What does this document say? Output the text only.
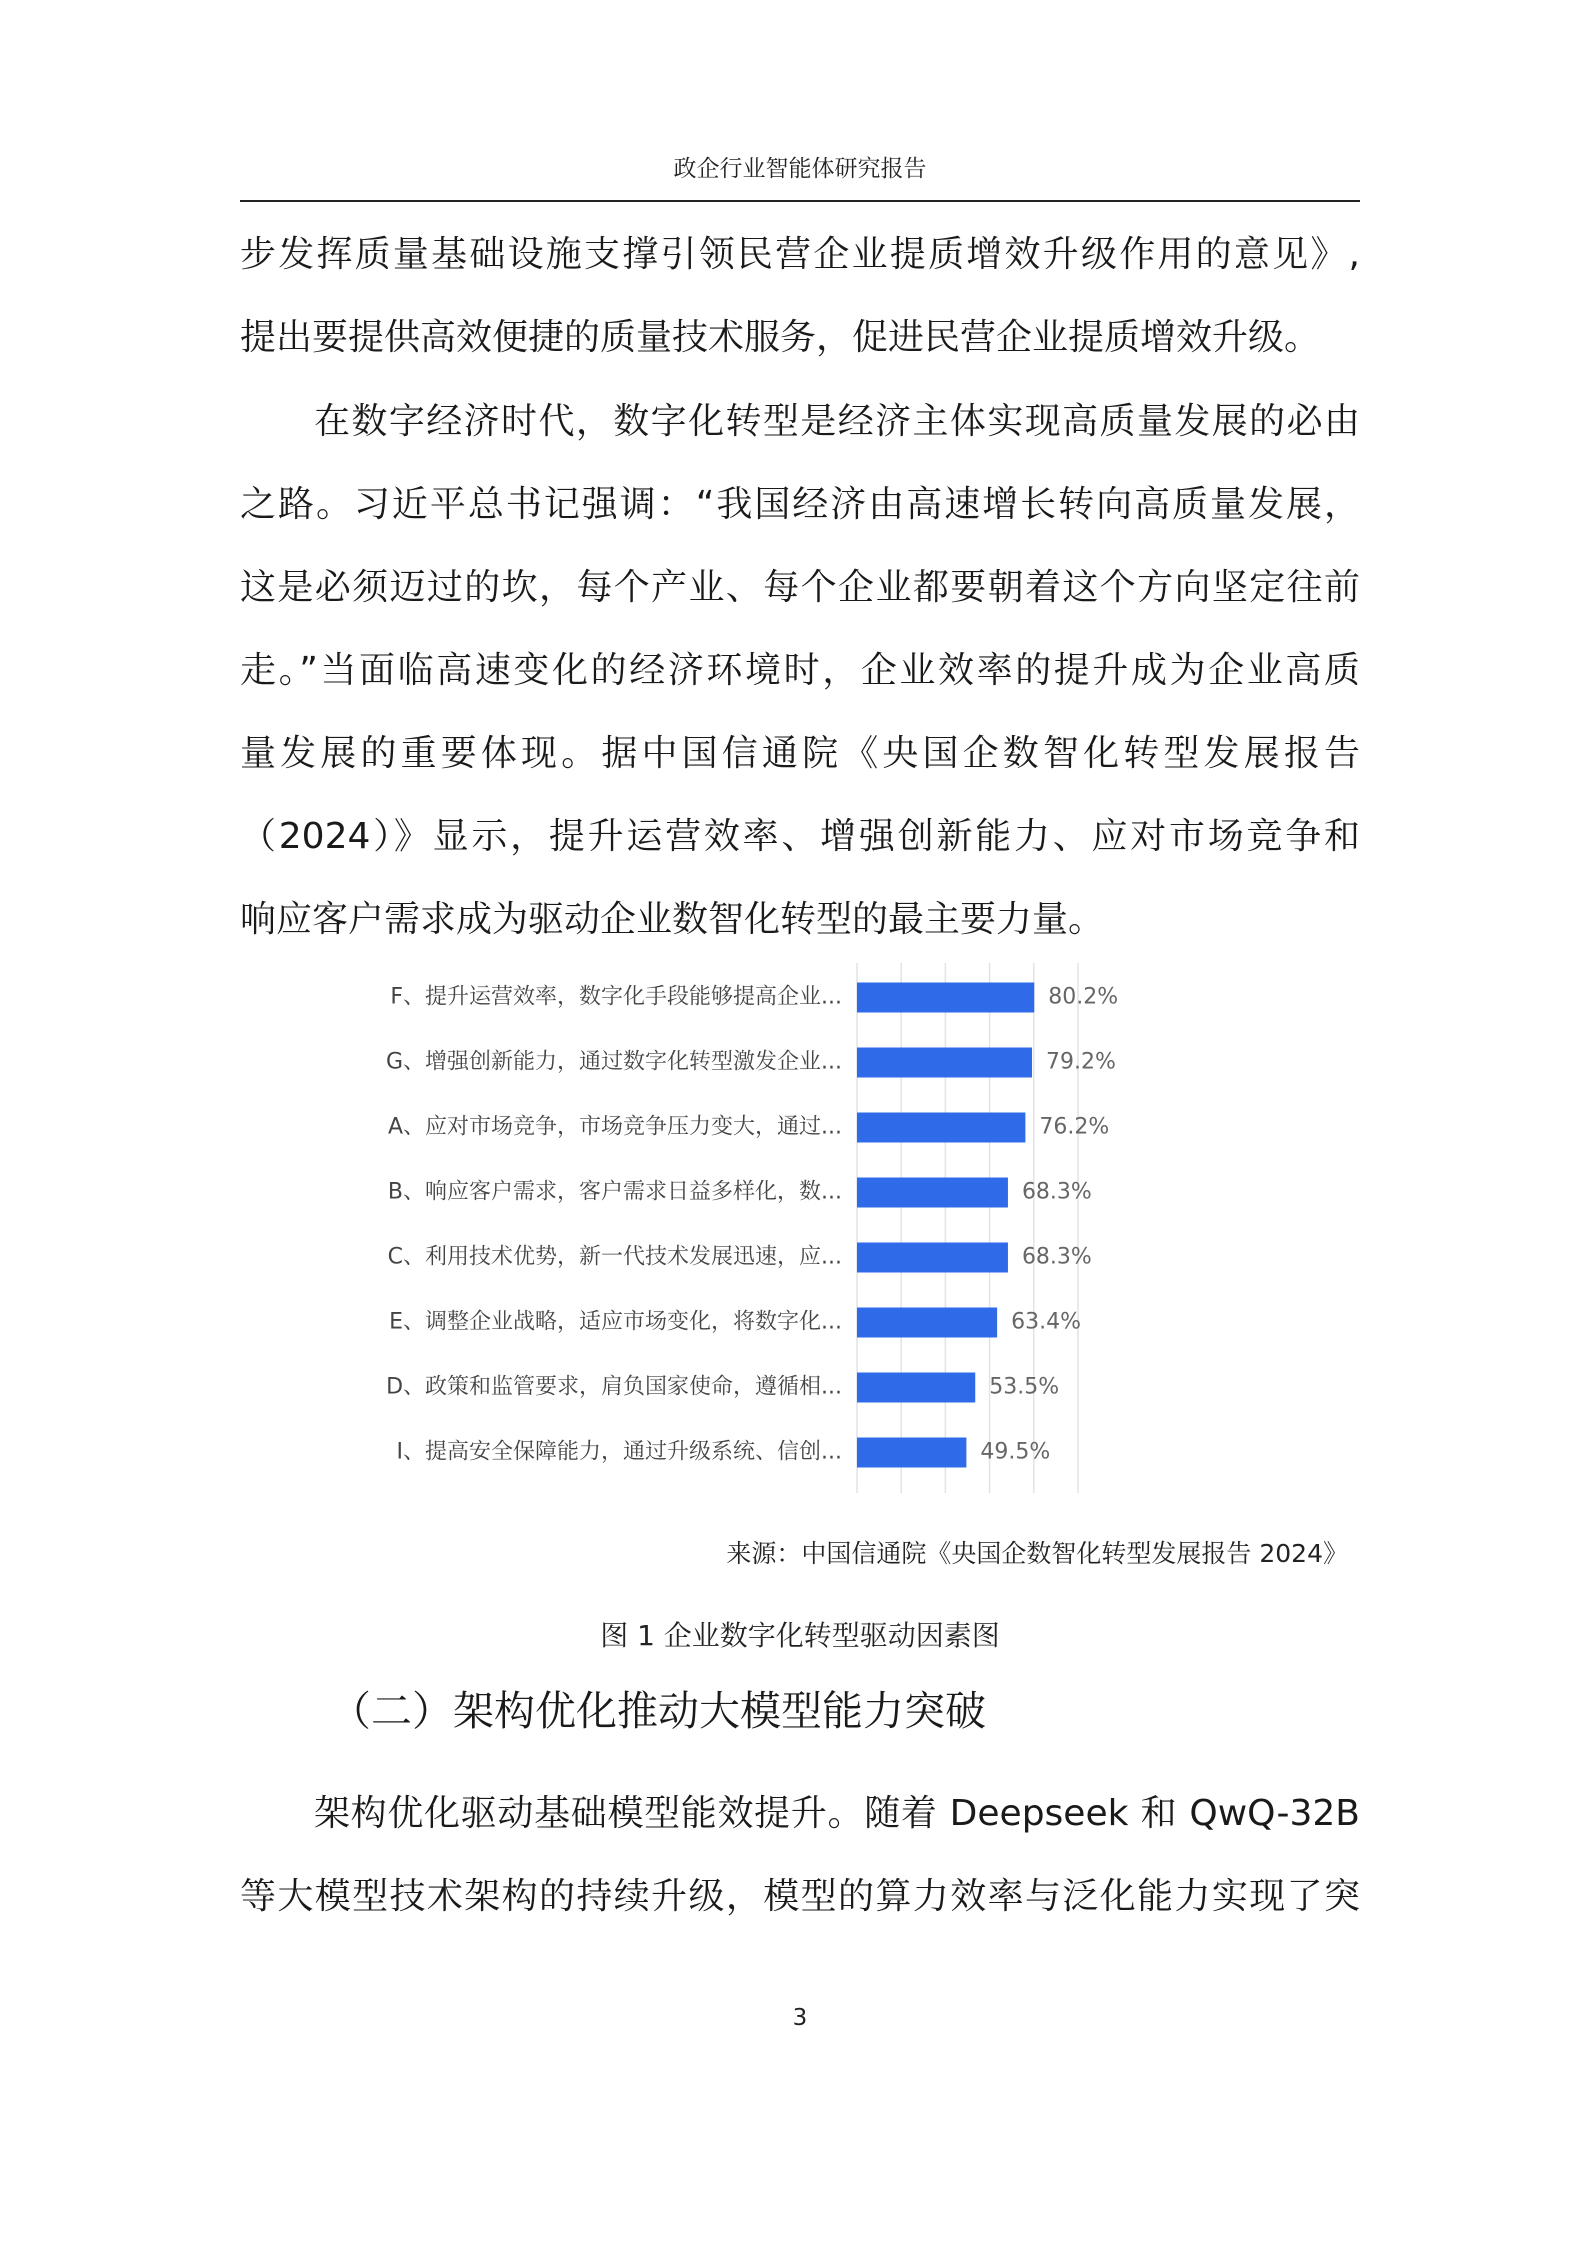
政企行业智能体研究报告
步发挥质量基础设施支撑引领民营企业提质增效升级作用的意见》,
提出要提供高效便捷的质量技术服务，促进民营企业提质增效升级。
在数字经济时代，数字化转型是经济主体实现高质量发展的必由
之路。习近平总书记强调：“我国经济由高速增长转向高质量发展，
这是必须迈过的坎，每个产业、每个企业都要朝着这个方向坚定往前
走。”当面临高速变化的经济环境时，企业效率的提升成为企业高质
量发展的重要体现。据中国信通院《央国企数智化转型发展报告
（2024）》显示，提升运营效率、增强创新能力、应对市场竞争和
响应客户需求成为驱动企业数智化转型的最主要力量。
F、提升运营效率，数字化手段能够提高企业...	80.2%
G、增强创新能力，通过数字化转型激发企业...	79.2%
A、应对市场竞争，市场竞争压力变大，通过...	76.2%
B、响应客户需求，客户需求日益多样化，数...	68.3%
C、利用技术优势，新一代技术发展迅速，应...	68.3%
E、调整企业战略，适应市场变化，将数字化...	63.4%
D、政策和监管要求，肩负国家使命，遵循相...	53.5%
I、提高安全保障能力，通过升级系统、信创...	49.5%
来源：中国信通院《央国企数智化转型发展报告 2024》
图 1 企业数字化转型驱动因素图
（二）架构优化推动大模型能力突破
架构优化驱动基础模型能效提升。随着 Deepseek 和 QwQ-32B
等大模型技术架构的持续升级，模型的算力效率与泛化能力实现了突
3
